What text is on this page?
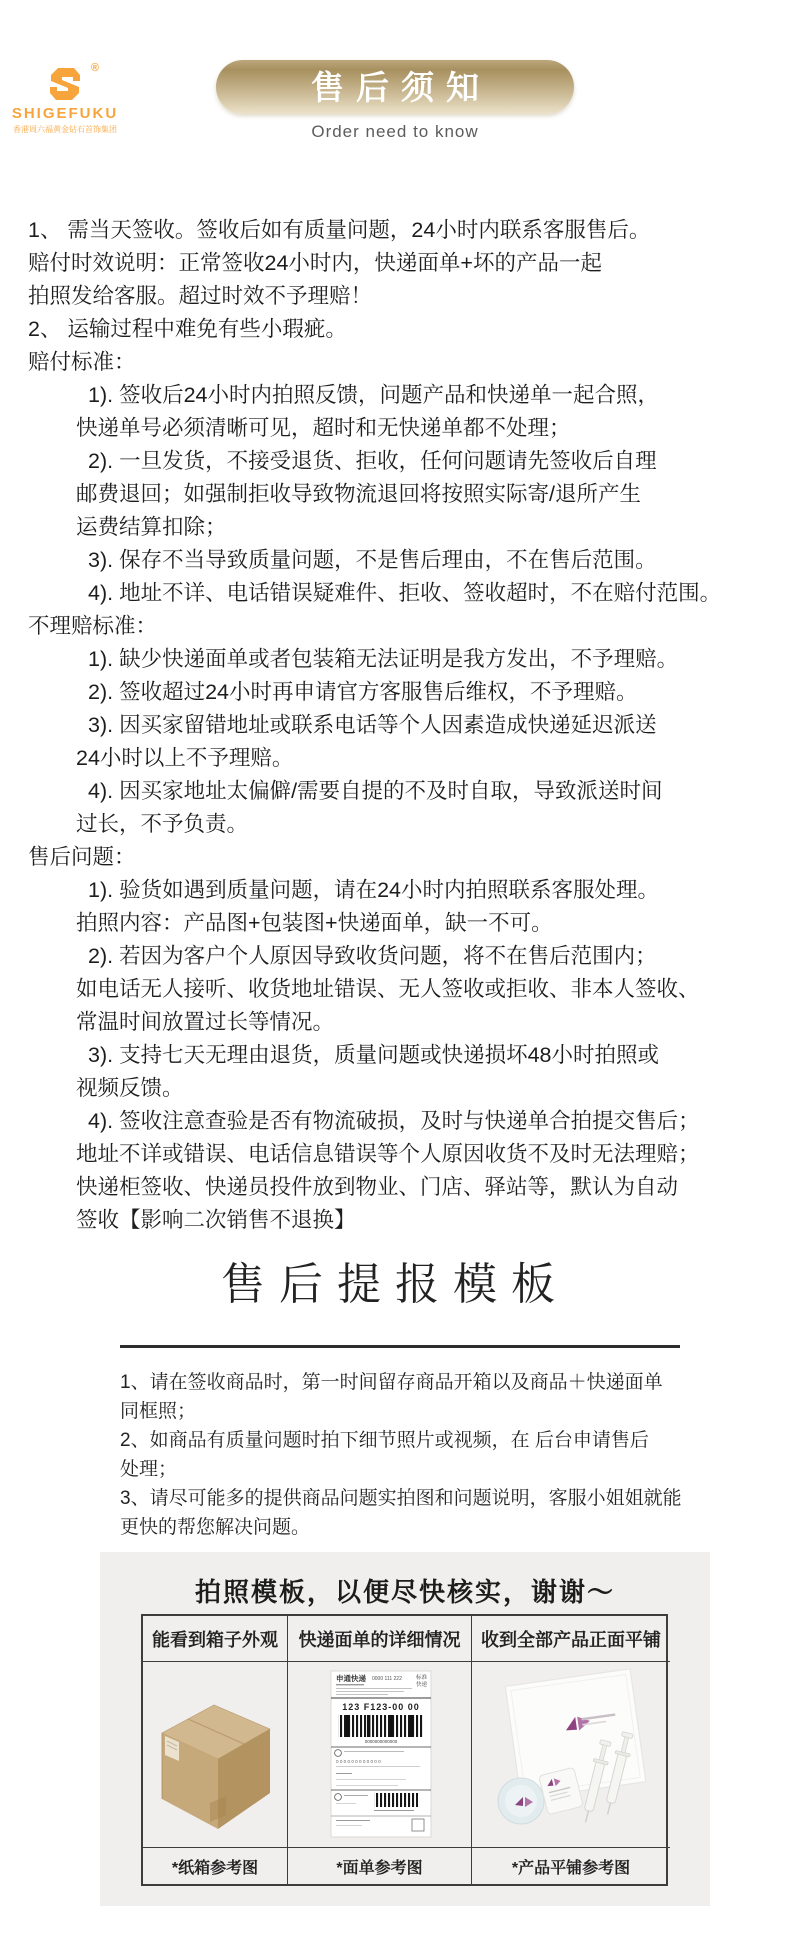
®
SHIGEFUKU
香港周六福黄金钻石首饰集团
售后须知
Order need to know
1、 需当天签收。签收后如有质量问题，24小时内联系客服售后。
赔付时效说明：正常签收24小时内，快递面单+坏的产品一起
拍照发给客服。超过时效不予理赔！
2、 运输过程中难免有些小瑕疵。
赔付标准：
1). 签收后24小时内拍照反馈，问题产品和快递单一起合照，
快递单号必须清晰可见，超时和无快递单都不处理；
2). 一旦发货，不接受退货、拒收，任何问题请先签收后自理
邮费退回；如强制拒收导致物流退回将按照实际寄/退所产生
运费结算扣除；
3). 保存不当导致质量问题，不是售后理由，不在售后范围。
4). 地址不详、电话错误疑难件、拒收、签收超时，不在赔付范围。
不理赔标准：
1). 缺少快递面单或者包装箱无法证明是我方发出，不予理赔。
2). 签收超过24小时再申请官方客服售后维权，不予理赔。
3). 因买家留错地址或联系电话等个人因素造成快递延迟派送
24小时以上不予理赔。
4). 因买家地址太偏僻/需要自提的不及时自取，导致派送时间
过长，不予负责。
售后问题：
1). 验货如遇到质量问题，请在24小时内拍照联系客服处理。
拍照内容：产品图+包装图+快递面单，缺一不可。
2). 若因为客户个人原因导致收货问题，将不在售后范围内；
如电话无人接听、收货地址错误、无人签收或拒收、非本人签收、
常温时间放置过长等情况。
3). 支持七天无理由退货，质量问题或快递损坏48小时拍照或
视频反馈。
4). 签收注意查验是否有物流破损，及时与快递单合拍提交售后；
地址不详或错误、电话信息错误等个人原因收货不及时无法理赔；
快递柜签收、快递员投件放到物业、门店、驿站等，默认为自动
签收【影响二次销售不退换】
售后提报模板
1、请在签收商品时，第一时间留存商品开箱以及商品＋快递面单
同框照；
2、如商品有质量问题时拍下细节照片或视频，在 后台申请售后
处理；
3、请尽可能多的提供商品问题实拍图和问题说明，客服小姐姐就能
更快的帮您解决问题。
拍照模板，以便尽快核实，谢谢～
能看到箱子外观	快递面单的详细情况	收到全部产品正面平铺
申通快递 0000 111 222	标准
快递
123 F123-00 00
0000000000000
0 0 0 0 0 0 0 0 0 0 0 0
*纸箱参考图	*面单参考图	*产品平铺参考图
